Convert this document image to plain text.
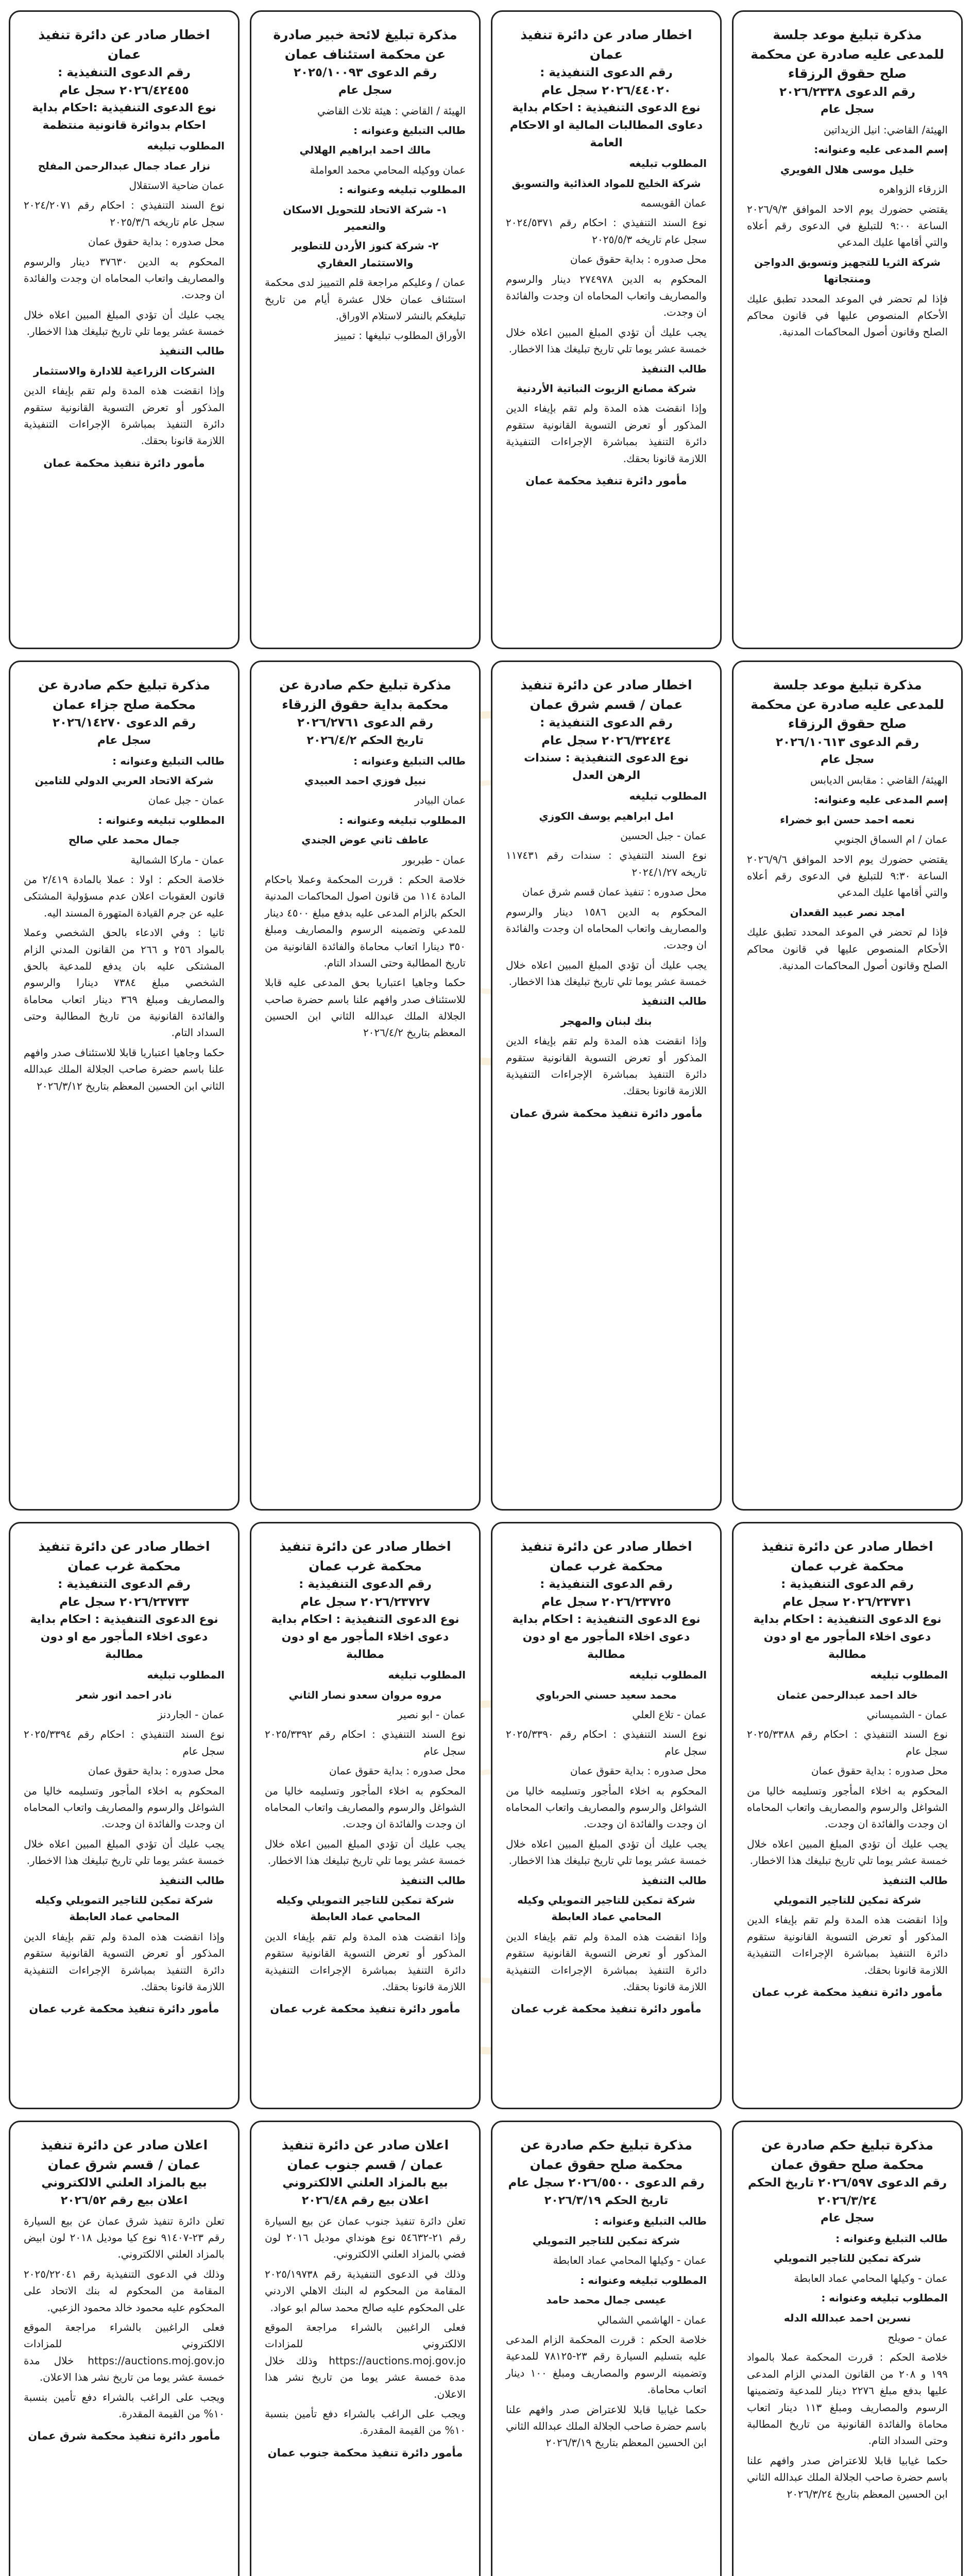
مذكرة تبليغ موعد جلسة للمدعى عليه صادرة عن محكمة صلح حقوق الرزقاء
رقم الدعوى ٢٠٢٦/٢٣٣٨
سجل عام

الهيئة/ القاضي: انيل الزيداتين

إسم المدعى عليه وعنوانه:

خليل موسى هلال الفويري

الزرقاء الزواهره

يقتضي حضورك يوم الاحد الموافق ٢٠٢٦/٩/٣ الساعة ٩:٠٠ للتبليغ في الدعوى رقم أعلاه والتي أقامها عليك المدعي

شركة الثريا للتجهيز وتسويق الدواجن ومنتجاتها

فإذا لم تحضر في الموعد المحدد تطبق عليك الأحكام المنصوص عليها في قانون محاكم الصلح وقانون أصول المحاكمات المدنية.

اخطار صادر عن دائرة تنفيذ عمان
رقم الدعوى التنفيذية : ٢٠٢٦/٤٤٠٢٠ سجل عام
نوع الدعوى التنفيذية : احكام بداية دعاوى المطالبات المالية او الاحكام العامة

المطلوب تبليغه

شركة الخليج للمواد الغذائية والتسويق

عمان القويسمه

نوع السند التنفيذي : احكام رقم ٢٠٢٤/٥٣٧١ سجل عام تاريخه ٢٠٢٥/٥/٣

محل صدوره : بداية حقوق عمان

المحكوم به الدين ٢٧٤٩٧٨ دينار والرسوم والمصاريف واتعاب المحاماه ان وجدت والفائدة ان وجدت.

يجب عليك أن تؤدي المبلغ المبين اعلاه خلال خمسة عشر يوما تلي تاريخ تبليغك هذا الاخطار.

طالب التنفيذ

شركة مصانع الزيوت النباتية الأردنية

وإذا انقضت هذه المدة ولم تقم بإيفاء الدين المذكور أو تعرض التسوية القانونية ستقوم دائرة التنفيذ بمباشرة الإجراءات التنفيذية اللازمة قانونا بحقك.

مأمور دائرة تنفيذ محكمة عمان
مذكرة تبليغ لائحة خبير صادرة عن محكمة استئناف عمان
رقم الدعوى ٢٠٢٥/١٠٠٩٣
سجل عام

الهيئة / القاضي : هيئة ثلاث القاضي

طالب التبليغ وعنوانه :

مالك احمد ابراهيم الهلالي

عمان ووكيله المحامي محمد العواملة

المطلوب تبليغه وعنوانه :

١- شركة الاتحاد للتحويل الاسكان والتعمير

٢- شركة كنوز الأردن للتطوير والاستثمار العقاري

عمان / وعليكم مراجعة قلم التمييز لدى محكمة استئناف عمان خلال عشرة أيام من تاريخ تبليغكم بالنشر لاستلام الاوراق.

الأوراق المطلوب تبليغها : تمييز

اخطار صادر عن دائرة تنفيذ عمان
رقم الدعوى التنفيذية : ٢٠٢٦/٤٢٤٥٥ سجل عام
نوع الدعوى التنفيذية :احكام بداية احكام بدوائرة قانونية منتظمة

المطلوب تبليغه

نزار عماد جمال عبدالرحمن المفلح

عمان ضاحية الاستقلال

نوع السند التنفيذي : احكام رقم ٢٠٢٤/٢٠٧١ سجل عام تاريخه ٢٠٢٥/٣/٦

محل صدوره : بداية حقوق عمان

المحكوم به الدين ٣٧٦٣٠ دينار والرسوم والمصاريف واتعاب المحاماه ان وجدت والفائدة ان وجدت.

يجب عليك أن تؤدي المبلغ المبين اعلاه خلال خمسة عشر يوما تلي تاريخ تبليغك هذا الاخطار.

طالب التنفيذ

الشركات الزراعية للادارة والاستثمار

وإذا انقضت هذه المدة ولم تقم بإيفاء الدين المذكور أو تعرض التسوية القانونية ستقوم دائرة التنفيذ بمباشرة الإجراءات التنفيذية اللازمة قانونا بحقك.

مأمور دائرة تنفيذ محكمة عمان
مذكرة تبليغ موعد جلسة للمدعى عليه صادرة عن محكمة صلح حقوق الرزقاء
رقم الدعوى ٢٠٢٦/١٠٦١٣
سجل عام

الهيئة/ القاضي : مقابس الديابس

إسم المدعى عليه وعنوانه:

نعمه احمد حسن ابو خضراء

عمان / ام السماق الجنوبي

يقتضي حضورك يوم الاحد الموافق ٢٠٢٦/٩/٦ الساعة ٩:٣٠ للتبليغ في الدعوى رقم أعلاه والتي أقامها عليك المدعي

امجد نصر عبيد القعدان

فإذا لم تحضر في الموعد المحدد تطبق عليك الأحكام المنصوص عليها في قانون محاكم الصلح وقانون أصول المحاكمات المدنية.

اخطار صادر عن دائرة تنفيذ عمان / قسم شرق عمان
رقم الدعوى التنفيذية : ٢٠٢٦/٣٢٤٢٤ سجل عام
نوع الدعوى التنفيذية : سندات الرهن العدل

المطلوب تبليغه

امل ابراهيم يوسف الكوزي

عمان - جبل الحسين

نوع السند التنفيذي : سندات رقم ١١٧٤٣١ تاريخه ٢٠٢٤/١/٢٧

محل صدوره : تنفيذ عمان قسم شرق عمان

المحكوم به الدين ١٥٨٦ دينار والرسوم والمصاريف واتعاب المحاماه ان وجدت والفائدة ان وجدت.

يجب عليك أن تؤدي المبلغ المبين اعلاه خلال خمسة عشر يوما تلي تاريخ تبليغك هذا الاخطار.

طالب التنفيذ

بنك لبنان والمهجر

وإذا انقضت هذه المدة ولم تقم بإيفاء الدين المذكور أو تعرض التسوية القانونية ستقوم دائرة التنفيذ بمباشرة الإجراءات التنفيذية اللازمة قانونا بحقك.

مأمور دائرة تنفيذ محكمة شرق عمان
مذكرة تبليغ حكم صادرة عن محكمة بداية حقوق الزرقاء
رقم الدعوى ٢٠٢٦/٢٧٦١
تاريخ الحكم ٢٠٢٦/٤/٢

طالب التبليغ وعنوانه :

نبيل فوزي احمد العبيدي

عمان البيادر

المطلوب تبليغه وعنوانه :

عاطف ثاني عوض الجندي

عمان - طبربور

خلاصة الحكم : قررت المحكمة وعملا باحكام المادة ١١٤ من قانون اصول المحاكمات المدنية الحكم بالزام المدعى عليه بدفع مبلغ ٤٥٠٠ دينار للمدعي وتضمينه الرسوم والمصاريف ومبلغ ٣٥٠ دينارا اتعاب محاماة والفائدة القانونية من تاريخ المطالبة وحتى السداد التام.

حكما وجاهيا اعتباريا بحق المدعى عليه قابلا للاستئناف صدر وافهم علنا باسم حضرة صاحب الجلالة الملك عبدالله الثاني ابن الحسين المعظم بتاريخ ٢٠٢٦/٤/٢

مذكرة تبليغ حكم صادرة عن محكمة صلح جزاء عمان
رقم الدعوى ٢٠٢٦/١٤٢٧٠
سجل عام

طالب التبليغ وعنوانه :

شركة الاتحاد العربي الدولي للتامين

عمان - جبل عمان

المطلوب تبليغه وعنوانه :

جمال محمد علي صالح

عمان - ماركا الشمالية

خلاصة الحكم : اولا : عملا بالمادة ٢/٤١٩ من قانون العقوبات اعلان عدم مسؤولية المشتكى عليه عن جرم القيادة المتهورة المسند اليه.

ثانيا : وفي الادعاء بالحق الشخصي وعملا بالمواد ٢٥٦ و ٢٦٦ من القانون المدني الزام المشتكى عليه بان يدفع للمدعية بالحق الشخصي مبلغ ٧٣٨٤ دينارا والرسوم والمصاريف ومبلغ ٣٦٩ دينار اتعاب محاماة والفائدة القانونية من تاريخ المطالبة وحتى السداد التام.

حكما وجاهيا اعتباريا قابلا للاستئناف صدر وافهم علنا باسم حضرة صاحب الجلالة الملك عبدالله الثاني ابن الحسين المعظم بتاريخ ٢٠٢٦/٣/١٢

اخطار صادر عن دائرة تنفيذ محكمة غرب عمان
رقم الدعوى التنفيذية : ٢٠٢٦/٢٣٧٣١ سجل عام
نوع الدعوى التنفيذية : احكام بداية دعوى اخلاء المأجور مع او دون مطالبة

المطلوب تبليغه

خالد احمد عبدالرحمن عثمان

عمان - الشميساني

نوع السند التنفيذي : احكام رقم ٢٠٢٥/٣٣٨٨ سجل عام

محل صدوره : بداية حقوق عمان

المحكوم به اخلاء المأجور وتسليمه خاليا من الشواغل والرسوم والمصاريف واتعاب المحاماه ان وجدت والفائدة ان وجدت.

يجب عليك أن تؤدي المبلغ المبين اعلاه خلال خمسة عشر يوما تلي تاريخ تبليغك هذا الاخطار.

طالب التنفيذ

شركة تمكين للتاجير التمويلي

وإذا انقضت هذه المدة ولم تقم بإيفاء الدين المذكور أو تعرض التسوية القانونية ستقوم دائرة التنفيذ بمباشرة الإجراءات التنفيذية اللازمة قانونا بحقك.

مأمور دائرة تنفيذ محكمة غرب عمان
اخطار صادر عن دائرة تنفيذ محكمة غرب عمان
رقم الدعوى التنفيذية : ٢٠٢٦/٢٣٧٢٥ سجل عام
نوع الدعوى التنفيذية : احكام بداية دعوى اخلاء المأجور مع او دون مطالبة

المطلوب تبليغه

محمد سعيد حسني الحرباوي

عمان - تلاع العلي

نوع السند التنفيذي : احكام رقم ٢٠٢٥/٣٣٩٠ سجل عام

محل صدوره : بداية حقوق عمان

المحكوم به اخلاء المأجور وتسليمه خاليا من الشواغل والرسوم والمصاريف واتعاب المحاماه ان وجدت والفائدة ان وجدت.

يجب عليك أن تؤدي المبلغ المبين اعلاه خلال خمسة عشر يوما تلي تاريخ تبليغك هذا الاخطار.

طالب التنفيذ

شركة تمكين للتاجير التمويلي وكيله المحامي عماد العابطة

وإذا انقضت هذه المدة ولم تقم بإيفاء الدين المذكور أو تعرض التسوية القانونية ستقوم دائرة التنفيذ بمباشرة الإجراءات التنفيذية اللازمة قانونا بحقك.

مأمور دائرة تنفيذ محكمة غرب عمان
اخطار صادر عن دائرة تنفيذ محكمة غرب عمان
رقم الدعوى التنفيذية : ٢٠٢٦/٢٣٧٢٧ سجل عام
نوع الدعوى التنفيذية : احكام بداية دعوى اخلاء المأجور مع او دون مطالبة

المطلوب تبليغه

مروه مروان سعدو نصار الثاني

عمان - ابو نصير

نوع السند التنفيذي : احكام رقم ٢٠٢٥/٣٣٩٢ سجل عام

محل صدوره : بداية حقوق عمان

المحكوم به اخلاء المأجور وتسليمه خاليا من الشواغل والرسوم والمصاريف واتعاب المحاماه ان وجدت والفائدة ان وجدت.

يجب عليك أن تؤدي المبلغ المبين اعلاه خلال خمسة عشر يوما تلي تاريخ تبليغك هذا الاخطار.

طالب التنفيذ

شركة تمكين للتاجير التمويلي وكيله المحامي عماد العابطة

وإذا انقضت هذه المدة ولم تقم بإيفاء الدين المذكور أو تعرض التسوية القانونية ستقوم دائرة التنفيذ بمباشرة الإجراءات التنفيذية اللازمة قانونا بحقك.

مأمور دائرة تنفيذ محكمة غرب عمان
اخطار صادر عن دائرة تنفيذ محكمة غرب عمان
رقم الدعوى التنفيذية : ٢٠٢٦/٢٣٧٣٣ سجل عام
نوع الدعوى التنفيذية : احكام بداية دعوى اخلاء المأجور مع او دون مطالبة

المطلوب تبليغه

نادر احمد انور شعر

عمان - الجاردنز

نوع السند التنفيذي : احكام رقم ٢٠٢٥/٣٣٩٤ سجل عام

محل صدوره : بداية حقوق عمان

المحكوم به اخلاء المأجور وتسليمه خاليا من الشواغل والرسوم والمصاريف واتعاب المحاماه ان وجدت والفائدة ان وجدت.

يجب عليك أن تؤدي المبلغ المبين اعلاه خلال خمسة عشر يوما تلي تاريخ تبليغك هذا الاخطار.

طالب التنفيذ

شركة تمكين للتاجير التمويلي وكيله المحامي عماد العابطة

وإذا انقضت هذه المدة ولم تقم بإيفاء الدين المذكور أو تعرض التسوية القانونية ستقوم دائرة التنفيذ بمباشرة الإجراءات التنفيذية اللازمة قانونا بحقك.

مأمور دائرة تنفيذ محكمة غرب عمان
مذكرة تبليغ حكم صادرة عن محكمة صلح حقوق عمان
رقم الدعوى ٢٠٢٦/٥٩٧ تاريخ الحكم ٢٠٢٦/٣/٢٤
سجل عام

طالب التبليغ وعنوانه :

شركة تمكين للتاجير التمويلي

عمان - وكيلها المحامي عماد العابطة

المطلوب تبليغه وعنوانه :

نسرين احمد عبدالله الدله

عمان - صويلح

خلاصة الحكم : قررت المحكمة عملا بالمواد ١٩٩ و ٢٠٨ من القانون المدني الزام المدعى عليها بدفع مبلغ ٢٢٧٦ دينار للمدعية وتضمينها الرسوم والمصاريف ومبلغ ١١٣ دينار اتعاب محاماة والفائدة القانونية من تاريخ المطالبة وحتى السداد التام.

حكما غيابيا قابلا للاعتراض صدر وافهم علنا باسم حضرة صاحب الجلالة الملك عبدالله الثاني ابن الحسين المعظم بتاريخ ٢٠٢٦/٣/٢٤

مذكرة تبليغ حكم صادرة عن محكمة صلح حقوق عمان
رقم الدعوى ٢٠٢٦/٥٥٠٠ سجل عام
تاريخ الحكم ٢٠٢٦/٣/١٩

طالب التبليغ وعنوانه :

شركة تمكين للتاجير التمويلي

عمان - وكيلها المحامي عماد العابطة

المطلوب تبليغه وعنوانه :

عيسى جمال محمد حامد

عمان - الهاشمي الشمالي

خلاصة الحكم : قررت المحكمة الزام المدعى عليه بتسليم السيارة رقم ٢٣-٧٨١٢٥ للمدعية وتضمينه الرسوم والمصاريف ومبلغ ١٠٠ دينار اتعاب محاماة.

حكما غيابيا قابلا للاعتراض صدر وافهم علنا باسم حضرة صاحب الجلالة الملك عبدالله الثاني ابن الحسين المعظم بتاريخ ٢٠٢٦/٣/١٩

اعلان صادر عن دائرة تنفيذ عمان / قسم جنوب عمان
بيع بالمزاد العلني الالكتروني
اعلان بيع رقم ٢٠٢٦/٤٨

تعلن دائرة تنفيذ جنوب عمان عن بيع السيارة رقم ٢١-٥٤٦٣٢ نوع هونداي موديل ٢٠١٦ لون فضي بالمزاد العلني الالكتروني.

وذلك في الدعوى التنفيذية رقم ٢٠٢٥/١٩٧٣٨ المقامة من المحكوم له البنك الاهلي الاردني على المحكوم عليه صالح محمد سالم ابو عواد.

فعلى الراغبين بالشراء مراجعة الموقع الالكتروني للمزادات https://auctions.moj.gov.jo وذلك خلال مدة خمسة عشر يوما من تاريخ نشر هذا الاعلان.

ويجب على الراغب بالشراء دفع تأمين بنسبة ١٠% من القيمة المقدرة.

مأمور دائرة تنفيذ محكمة جنوب عمان
اعلان صادر عن دائرة تنفيذ عمان / قسم شرق عمان
بيع بالمزاد العلني الالكتروني
اعلان بيع رقم ٢٠٢٦/٥٢

تعلن دائرة تنفيذ شرق عمان عن بيع السيارة رقم ٢٣-٩١٤٠٧ نوع كيا موديل ٢٠١٨ لون ابيض بالمزاد العلني الالكتروني.

وذلك في الدعوى التنفيذية رقم ٢٠٢٥/٢٢٠٤١ المقامة من المحكوم له بنك الاتحاد على المحكوم عليه محمود خالد محمود الزعبي.

فعلى الراغبين بالشراء مراجعة الموقع الالكتروني للمزادات https://auctions.moj.gov.jo خلال مدة خمسة عشر يوما من تاريخ نشر هذا الاعلان.

ويجب على الراغب بالشراء دفع تأمين بنسبة ١٠% من القيمة المقدرة.

مأمور دائرة تنفيذ محكمة شرق عمان
